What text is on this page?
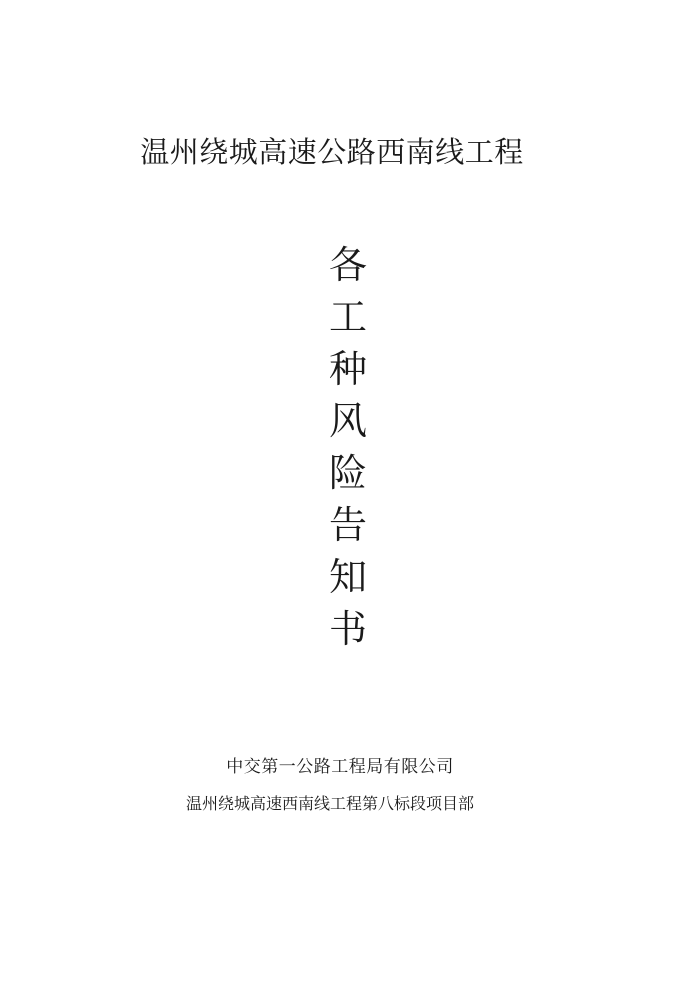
温州绕城高速公路西南线工程
各
工
种
风
险
告
知
书

中交第一公路工程局有限公司

温州绕城高速西南线工程第八标段项目部
